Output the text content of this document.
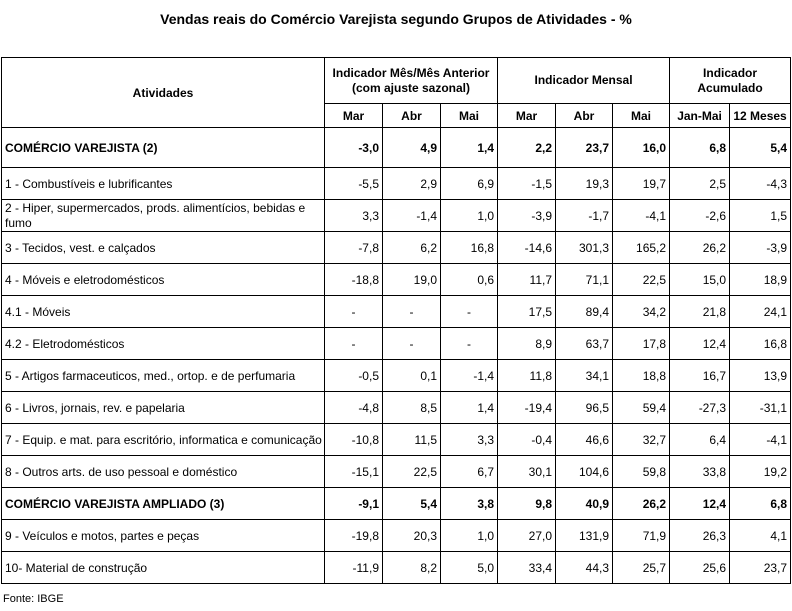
Vendas reais do Comércio Varejista segundo Grupos de Atividades - %
Atividades	Indicador Mês/Mês Anterior (com ajuste sazonal)			Indicador Mensal			Indicador Acumulado	
	Mar	Abr	Mai	Mar	Abr	Mai	Jan-Mai	12 Meses
COMÉRCIO VAREJISTA (2)	-3,0	4,9	1,4	2,2	23,7	16,0	6,8	5,4
1 - Combustíveis e lubrificantes	-5,5	2,9	6,9	-1,5	19,3	19,7	2,5	-4,3
2 - Hiper, supermercados, prods. alimentícios, bebidas e fumo	3,3	-1,4	1,0	-3,9	-1,7	-4,1	-2,6	1,5
3 - Tecidos, vest. e calçados	-7,8	6,2	16,8	-14,6	301,3	165,2	26,2	-3,9
4 - Móveis e eletrodomésticos	-18,8	19,0	0,6	11,7	71,1	22,5	15,0	18,9
4.1 - Móveis	-	-	-	17,5	89,4	34,2	21,8	24,1
4.2 - Eletrodomésticos	-	-	-	8,9	63,7	17,8	12,4	16,8
5 - Artigos farmaceuticos, med., ortop. e de perfumaria	-0,5	0,1	-1,4	11,8	34,1	18,8	16,7	13,9
6 - Livros, jornais, rev. e papelaria	-4,8	8,5	1,4	-19,4	96,5	59,4	-27,3	-31,1
7 - Equip. e mat. para escritório, informatica e comunicação	-10,8	11,5	3,3	-0,4	46,6	32,7	6,4	-4,1
8 - Outros arts. de uso pessoal e doméstico	-15,1	22,5	6,7	30,1	104,6	59,8	33,8	19,2
COMÉRCIO VAREJISTA AMPLIADO (3)	-9,1	5,4	3,8	9,8	40,9	26,2	12,4	6,8
9 - Veículos e motos, partes e peças	-19,8	20,3	1,0	27,0	131,9	71,9	26,3	4,1
10- Material de construção	-11,9	8,2	5,0	33,4	44,3	25,7	25,6	23,7
Fonte: IBGE
